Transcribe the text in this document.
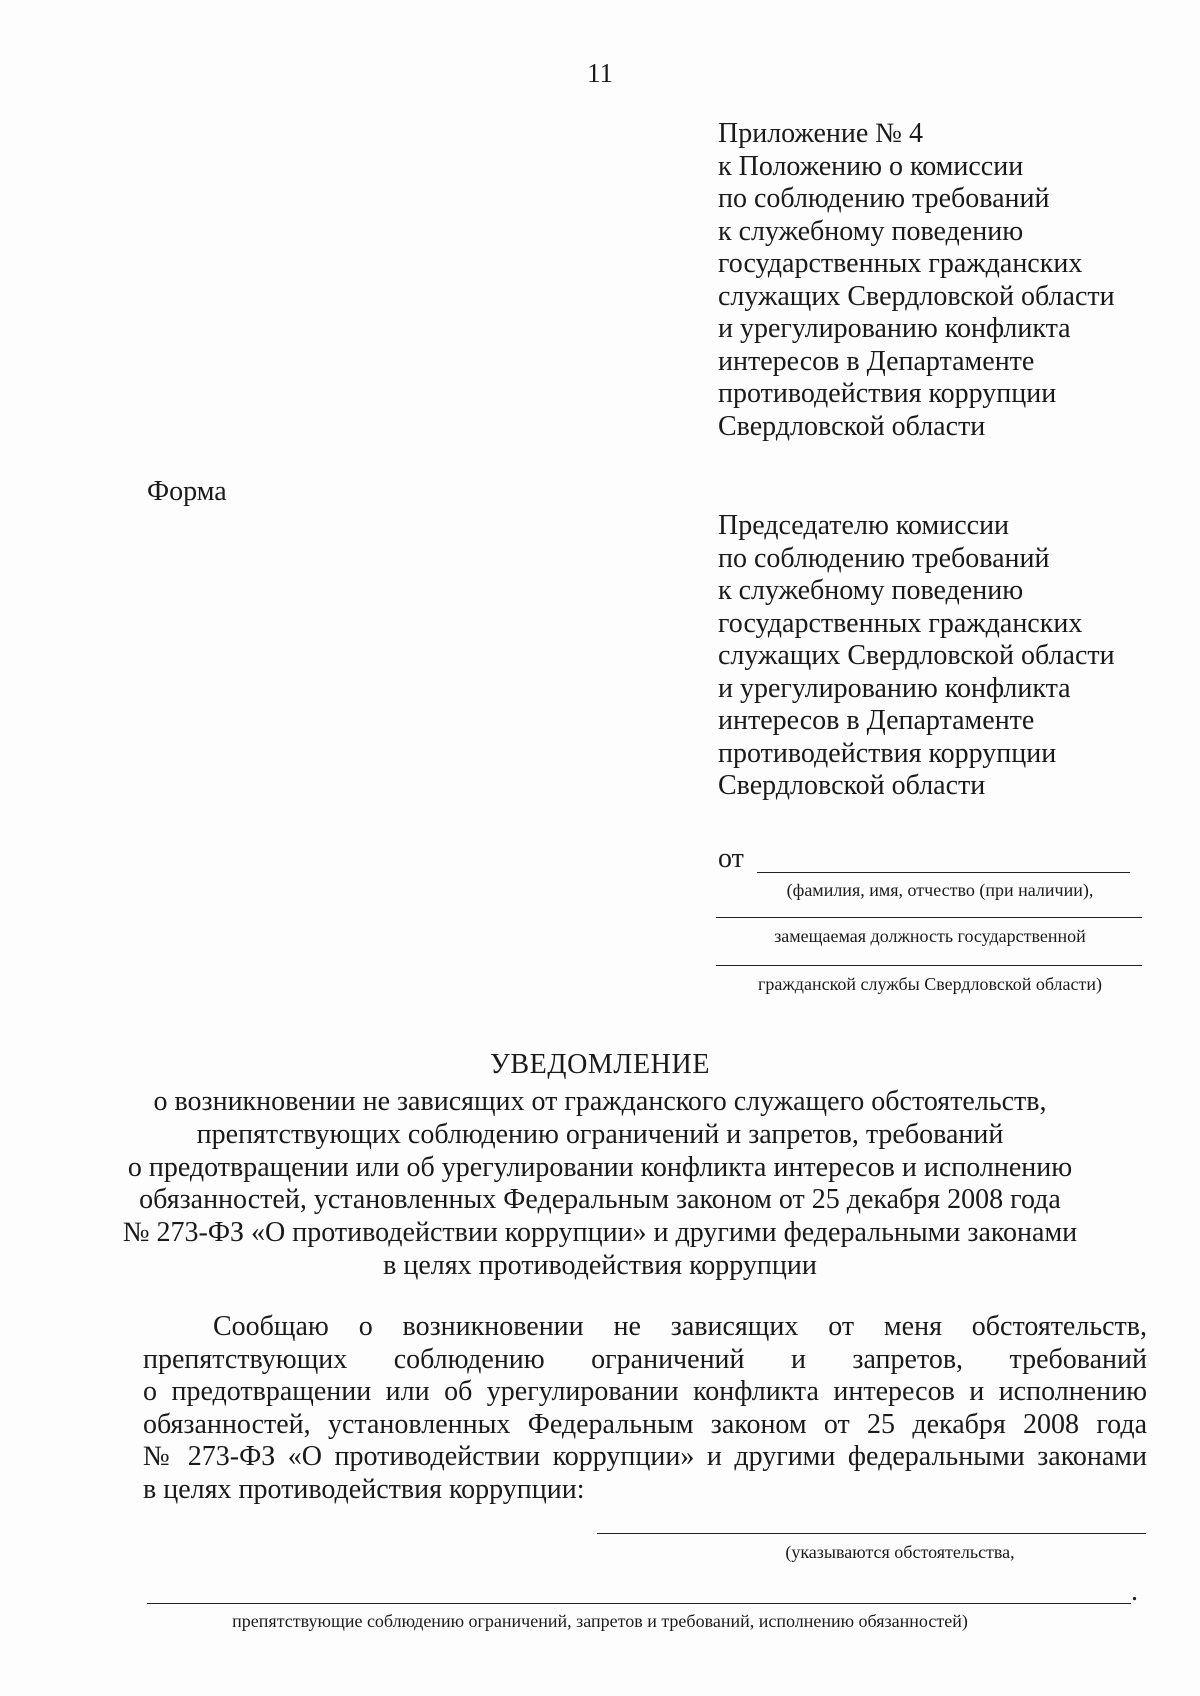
11
Приложение № 4
к Положению о комиссии
по соблюдению требований
к служебному поведению
государственных гражданских
служащих Свердловской области
и урегулированию конфликта
интересов в Департаменте
противодействия коррупции
Свердловской области
Форма
Председателю комиссии
по соблюдению требований
к служебному поведению
государственных гражданских
служащих Свердловской области
и урегулированию конфликта
интересов в Департаменте
противодействия коррупции
Свердловской области
от
(фамилия, имя, отчество (при наличии),
замещаемая должность государственной
гражданской службы Свердловской области)
УВЕДОМЛЕНИЕ
о возникновении не зависящих от гражданского служащего обстоятельств,
препятствующих соблюдению ограничений и запретов, требований
о предотвращении или об урегулировании конфликта интересов и исполнению
обязанностей, установленных Федеральным законом от 25 декабря 2008 года
№ 273-ФЗ «О противодействии коррупции» и другими федеральными законами
в целях противодействия коррупции
Сообщаю о возникновении не зависящих от меня обстоятельств,
препятствующих соблюдению ограничений и запретов, требований
о предотвращении или об урегулировании конфликта интересов и исполнению
обязанностей, установленных Федеральным законом от 25 декабря 2008 года
№ 273-ФЗ «О противодействии коррупции» и другими федеральными законами
в целях противодействия коррупции:
(указываются обстоятельства,
.
препятствующие соблюдению ограничений, запретов и требований, исполнению обязанностей)
